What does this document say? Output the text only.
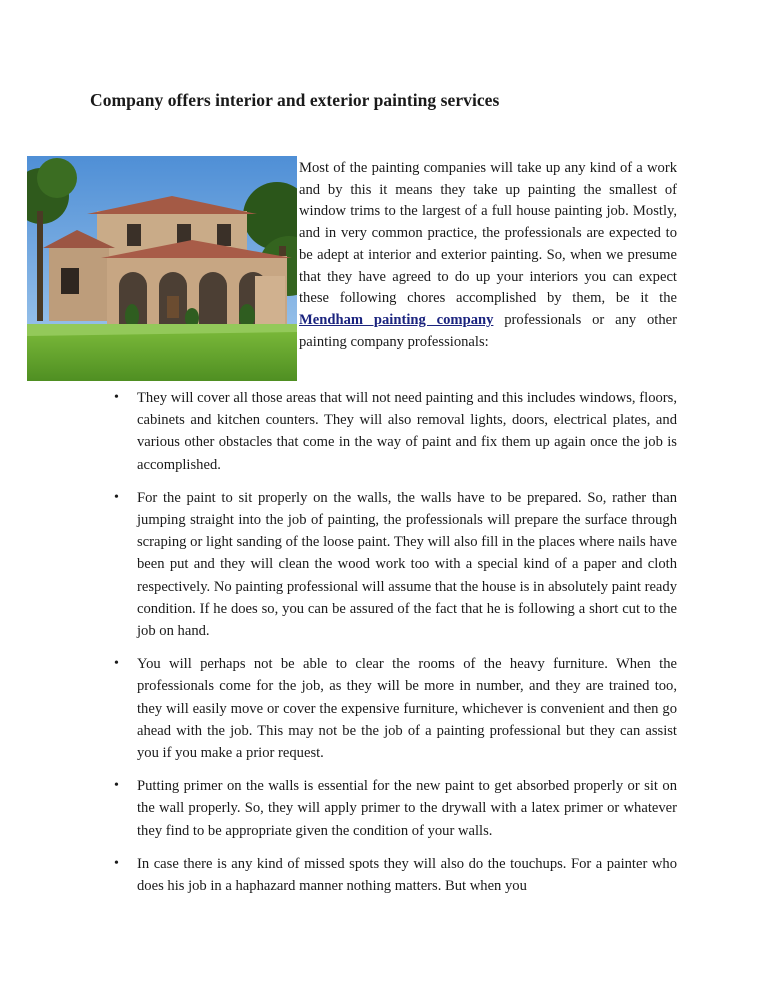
Company offers interior and exterior painting services

Most of the painting companies will take up any kind of a work and by this it means they take up painting the smallest of window trims to the largest of a full house painting job. Mostly, and in very common practice, the professionals are expected to be adept at interior and exterior painting. So, when we presume that they have agreed to do up your interiors you can expect these following chores accomplished by them, be it the Mendham painting company professionals or any other painting company professionals:

• They will cover all those areas that will not need painting and this includes windows, floors, cabinets and kitchen counters. They will also removal lights, doors, electrical plates, and various other obstacles that come in the way of paint and fix them up again once the job is accomplished.
• For the paint to sit properly on the walls, the walls have to be prepared. So, rather than jumping straight into the job of painting, the professionals will prepare the surface through scraping or light sanding of the loose paint. They will also fill in the places where nails have been put and they will clean the wood work too with a special kind of a paper and cloth respectively. No painting professional will assume that the house is in absolutely paint ready condition. If he does so, you can be assured of the fact that he is following a short cut to the job on hand.
• You will perhaps not be able to clear the rooms of the heavy furniture. When the professionals come for the job, as they will be more in number, and they are trained too, they will easily move or cover the expensive furniture, whichever is convenient and then go ahead with the job. This may not be the job of a painting professional but they can assist you if you make a prior request.
• Putting primer on the walls is essential for the new paint to get absorbed properly or sit on the wall properly. So, they will apply primer to the drywall with a latex primer or whatever they find to be appropriate given the condition of your walls.
• In case there is any kind of missed spots they will also do the touchups. For a painter who does his job in a haphazard manner nothing matters. But when you
